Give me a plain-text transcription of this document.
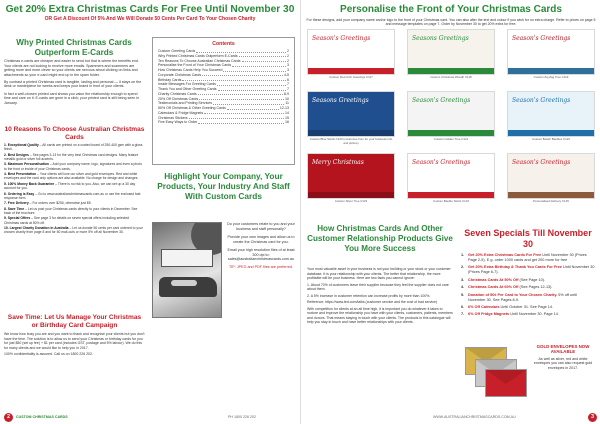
Get 20% Extra Christmas Cards For Free Until November 30
OR Get A Discount Of 5% And We Will Donate 50 Cents Per Card To Your Chosen Charity
Why Printed Christmas Cards Outperform E-Cards

Christmas e-cards are cheaper and easier to send but that is where the benefits end. Your clients are not looking to receive more emails. Spammers and scammers are getting more and more clever so your clients are nervous about clicking on links and attachments so your e-card might end up in the spam folder.

By contrast a printed Christmas card is tangible, lasting and personal — it stays on the desk or mantelpiece for weeks and keeps your brand in front of your clients.

In fact a well-chosen printed card shows you value the relationship enough to spend time and care on it. E-cards are gone in a click; your printed card is still being seen in January.

10 Reasons To Choose Australian Christmas Cards
1. Exceptional Quality – All cards are printed on a coated board of 250-400 gsm with a gloss finish.
2. Best Designs – See pages 3-13 for the very best Christmas card designs. Many feature metallic gold or silver foil accents.
3. Maximum Personalisation – Add your company name, logo, signatures and even a photo to the front or inside of your Christmas cards.
4. Best Presentation – Your clients will love our silver and gold envelopes. Red and white envelopes and the card only options are also available. No charge for design and changes.
5. 100% Money Back Guarantee – There is no risk to you. Also, we can set up a 30 day account for you.
6. Ordering is Easy – Go to www.australianchristmascards.com.au or use the enclosed fast response form.
7. Free Delivery – For orders over $250, otherwise just $5.
8. Save Time – Let us post your Christmas cards directly to your clients in December. See back of the brochure.
9. Special Offers – See page 3 for details on seven special offers including selected Christmas cards at 50% off.
10. Largest Charity Donation in Australia – Let us donate 50 cents per card ordered to your chosen charity from page 8 and for 50 mail-outs or more 5% off all November 30.
Save Time: Let Us Manage Your Christmas or Birthday Card Campaign

We know how busy you are and you want to thank and recognise your clients but you don't have the time. The solution is to allow us to send your Christmas or birthday cards for you for just $50 (set up fee) + $1 per card (includes GST, postage and 5% labour). We do this for many clients and we would like to help you in 2017.

100% confidentiality is assured. Call us on 1800 226 202.

Contents
Custom Greeting Cards	2
Why Printed Christmas Cards Outperform E-Cards	2
Ten Reasons To Choose Australian Christmas Cards	2
Personalise the Front of Your Christmas Cards	3
How Christmas Cards Help You Succeed	3
Corporate Christmas Cards	4-5
Birthday Cards	6
Inside Messages For Greeting Cards	7
Thank You and Other Greeting Cards	7
Charity Christmas Cards	8-9
20% Off Christmas Cards	10
Testimonials and Printing Services	11
50% Off Christmas & Other Greeting Cards	12-13
Calendars & Fridge Magnets	14
Christmas Stickers	15
Five Easy Ways to Order	16
Highlight Your Company, Your Products, Your Industry And Staff With Custom Cards

Do your customers relate to you and your business and staff personally?

Provide your own images and allow us to create the Christmas card for you.

Email your high resolution files of at least 300 dpi to: sales@australianchristmascards.com.au

TIP: JPEG and PDF files are preferred.

2	CUSTOM CHRISTMAS CARDS	PH 1800 226 202
Personalise the Front of Your Christmas Cards
For these designs, add your company name and/or logo to the front of your Christmas card. You can also alter the text and colour if you wish for no extra charge. Refer to prices on page 5 and message templates on page 7. Order by November 30 to get 20% extra for free.
Season's Greetings
Custom Red Arch Greetings C117
Seasons Greetings
Custom Christmas Wreath C118
Season's Greetings
Custom Zig Zag Tree C119
Seasons Greetings
Custom Blue Swirls C120 (customise from for your business info and picture)
Season's Greetings
Custom Golden Tree C121
Season's Greetings
Custom Beach Baubles C122
Merry Christmas
Custom Silver Tree C123
Season's Greetings
Custom Bauble Swirls C124
Season's Greetings
Personalised Delivery C125
How Christmas Cards And Other Customer Relationship Products Give You More Success

Your most valuable asset in your business is not your building or your stock or your customer database. It is your relationship with your clients. The better that relationship, the more profitable will be your business. Here are two facts you cannot ignore:

1. About 70% of customers leave their supplier because they feel the supplier does not care about them.

2. A 5% increase in customer retention can increase profits by more than 100%.

Reference: https://www.ted.com/talks (customer service and the cost of bad service)

With competition for clients at an all time high, it is important you do whatever it takes to nurture and improve the relationship you have with your clients, customers, patients, members and donors. That means staying in touch with your clients. The products in this catalogue will help you stay in touch and have better relationships with your clients.

Seven Specials Till November 30
1.	Get 20% Extra Christmas Cards For Free Until November 30 (Prices Page 2-5). E.g. order 1000 cards and get 200 more for free
2.	Get 20% Extra Birthday & Thank You Cards For Free Until November 30 (Prices Page 6-7).
3.	Christmas Cards At 50% Off (See Page 10).
4.	Christmas Cards At 60% Off (See Pages 12-13).
5.	Donation of 50¢ Per Card to Your Chosen Charity. 5% off until November 30. See Pages 8-9.
6.	6% Off Calendars Until October 31. See Page 14.
7.	6% Off Fridge Magnets Until November 30. Page 14.
GOLD ENVELOPES NOW AVAILABLE
As well as silver, red and white envelopes you can also request gold envelopes in 2017.
WWW.AUSTRALIANCHRISTMASCARDS.COM.AU	3
